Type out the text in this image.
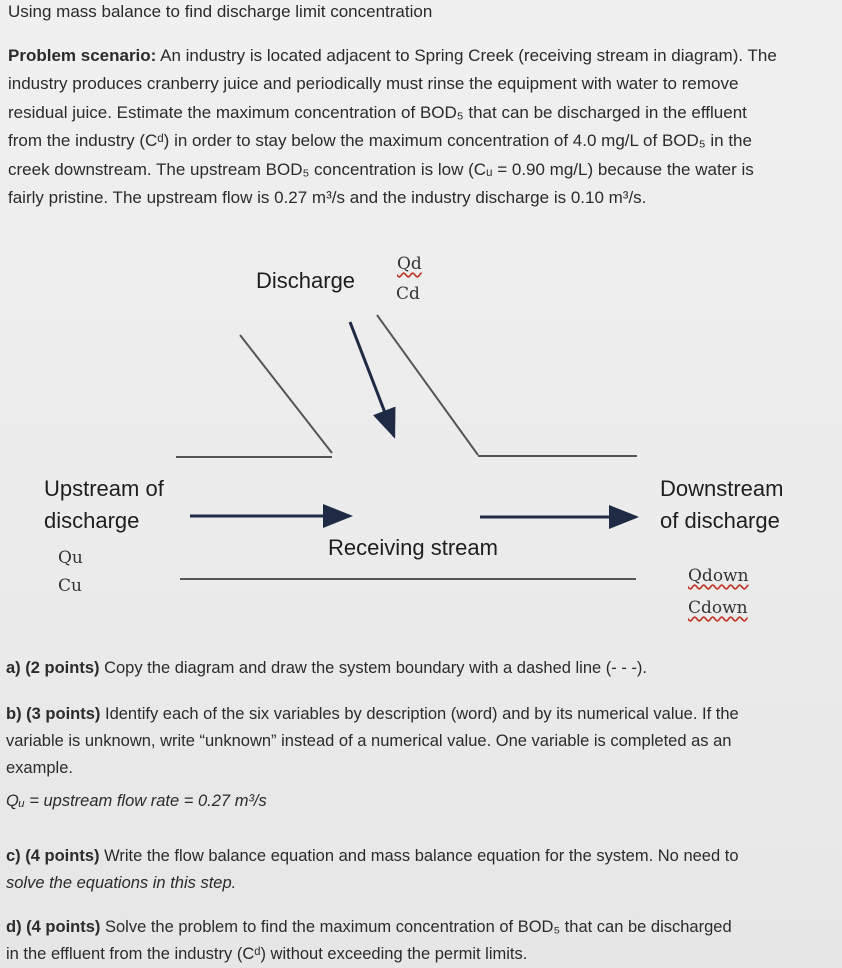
Using mass balance to find discharge limit concentration
Problem scenario: An industry is located adjacent to Spring Creek (receiving stream in diagram). The
industry produces cranberry juice and periodically must rinse the equipment with water to remove
residual juice. Estimate the maximum concentration of BOD₅ that can be discharged in the effluent
from the industry (Cᵈ) in order to stay below the maximum concentration of 4.0 mg/L of BOD₅ in the
creek downstream. The upstream BOD₅ concentration is low (Cᵤ = 0.90 mg/L) because the water is
fairly pristine. The upstream flow is 0.27 m³/s and the industry discharge is 0.10 m³/s.
Discharge
Qd
Cd
Upstream of
discharge
Qu
Cu
Downstream
of discharge
Qdown
Cdown
Receiving stream
a) (2 points) Copy the diagram and draw the system boundary with a dashed line (- - -).
b) (3 points) Identify each of the six variables by description (word) and by its numerical value. If the
variable is unknown, write “unknown” instead of a numerical value. One variable is completed as an
example.
Qᵤ = upstream flow rate = 0.27 m³/s
c) (4 points) Write the flow balance equation and mass balance equation for the system. No need to
solve the equations in this step.
d) (4 points) Solve the problem to find the maximum concentration of BOD₅ that can be discharged
in the effluent from the industry (Cᵈ) without exceeding the permit limits.
